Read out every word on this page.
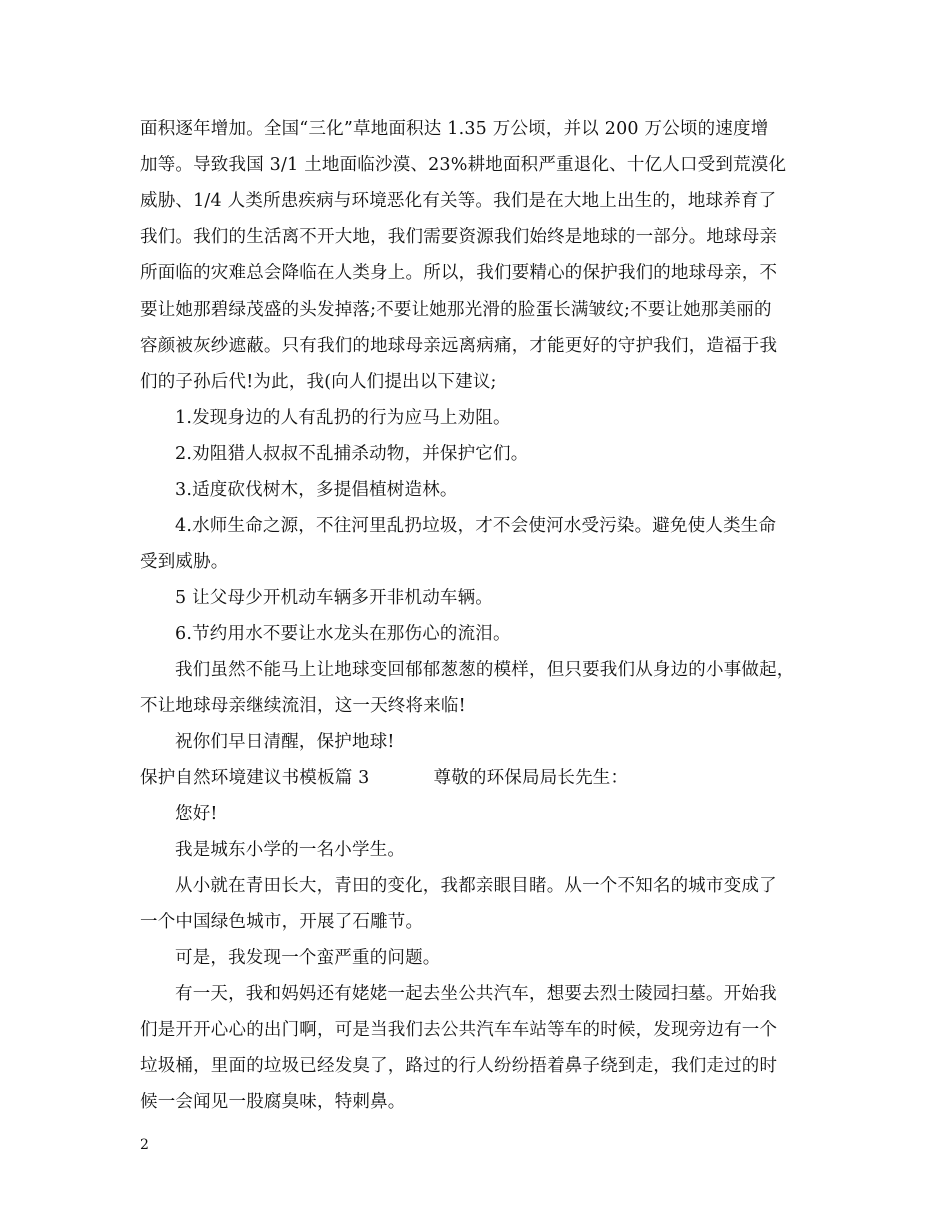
面积逐年增加。全国“三化”草地面积达 1.35 万公顷，并以 200 万公顷的速度增
加等。导致我国 3/1 土地面临沙漠、23%耕地面积严重退化、十亿人口受到荒漠化
威胁、1/4 人类所患疾病与环境恶化有关等。我们是在大地上出生的，地球养育了
我们。我们的生活离不开大地，我们需要资源我们始终是地球的一部分。地球母亲
所面临的灾难总会降临在人类身上。所以，我们要精心的保护我们的地球母亲，不
要让她那碧绿茂盛的头发掉落;不要让她那光滑的脸蛋长满皱纹;不要让她那美丽的
容颜被灰纱遮蔽。只有我们的地球母亲远离病痛，才能更好的守护我们，造福于我
们的子孙后代!为此，我(向人们提出以下建议;
1.发现身边的人有乱扔的行为应马上劝阻。
2.劝阻猎人叔叔不乱捕杀动物，并保护它们。
3.适度砍伐树木，多提倡植树造林。
4.水师生命之源，不往河里乱扔垃圾，才不会使河水受污染。避免使人类生命
受到威胁。
5 让父母少开机动车辆多开非机动车辆。
6.节约用水不要让水龙头在那伤心的流泪。
我们虽然不能马上让地球变回郁郁葱葱的模样，但只要我们从身边的小事做起，
不让地球母亲继续流泪，这一天终将来临!
祝你们早日清醒，保护地球!
保护自然环境建议书模板篇 3	尊敬的环保局局长先生：
您好!
我是城东小学的一名小学生。
从小就在青田长大，青田的变化，我都亲眼目睹。从一个不知名的城市变成了
一个中国绿色城市，开展了石雕节。
可是，我发现一个蛮严重的问题。
有一天，我和妈妈还有姥姥一起去坐公共汽车，想要去烈士陵园扫墓。开始我
们是开开心心的出门啊，可是当我们去公共汽车车站等车的时候，发现旁边有一个
垃圾桶，里面的垃圾已经发臭了，路过的行人纷纷捂着鼻子绕到走，我们走过的时
候一会闻见一股腐臭味，特刺鼻。
2
